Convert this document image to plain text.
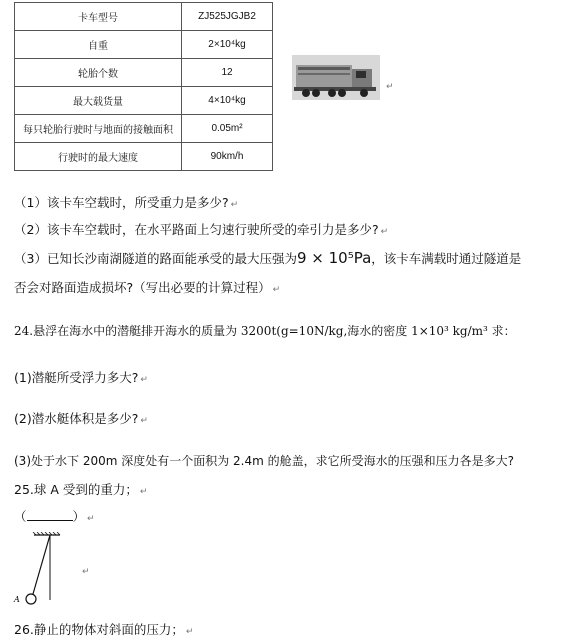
卡车型号	ZJ525JGJB2
自重	2×10⁴kg
轮胎个数	12
最大载货量	4×10⁴kg
每只轮胎行驶时与地面的接触面积	0.05m²
行驶时的最大速度	90km/h
↵
（1）该卡车空载时，所受重力是多少? ↵
（2）该卡车空载时，在水平路面上匀速行驶所受的牵引力是多少? ↵
（3）已知长沙南湖隧道的路面能承受的最大压强为9 × 10⁵Pa，该卡车满载时通过隧道是
否会对路面造成损坏?（写出必要的计算过程） ↵
24.悬浮在海水中的潜艇排开海水的质量为 3200t(g=10N/kg,海水的密度 1×10³ kg/m³ 求：
(1)潜艇所受浮力多大? ↵
(2)潜水艇体积是多少? ↵
(3)处于水下 200m 深度处有一个面积为 2.4m 的舱盖，求它所受海水的压强和压力各是多大?
25.球 A 受到的重力； ↵
（	） ↵
A
↵
26.静止的物体对斜面的压力； ↵
